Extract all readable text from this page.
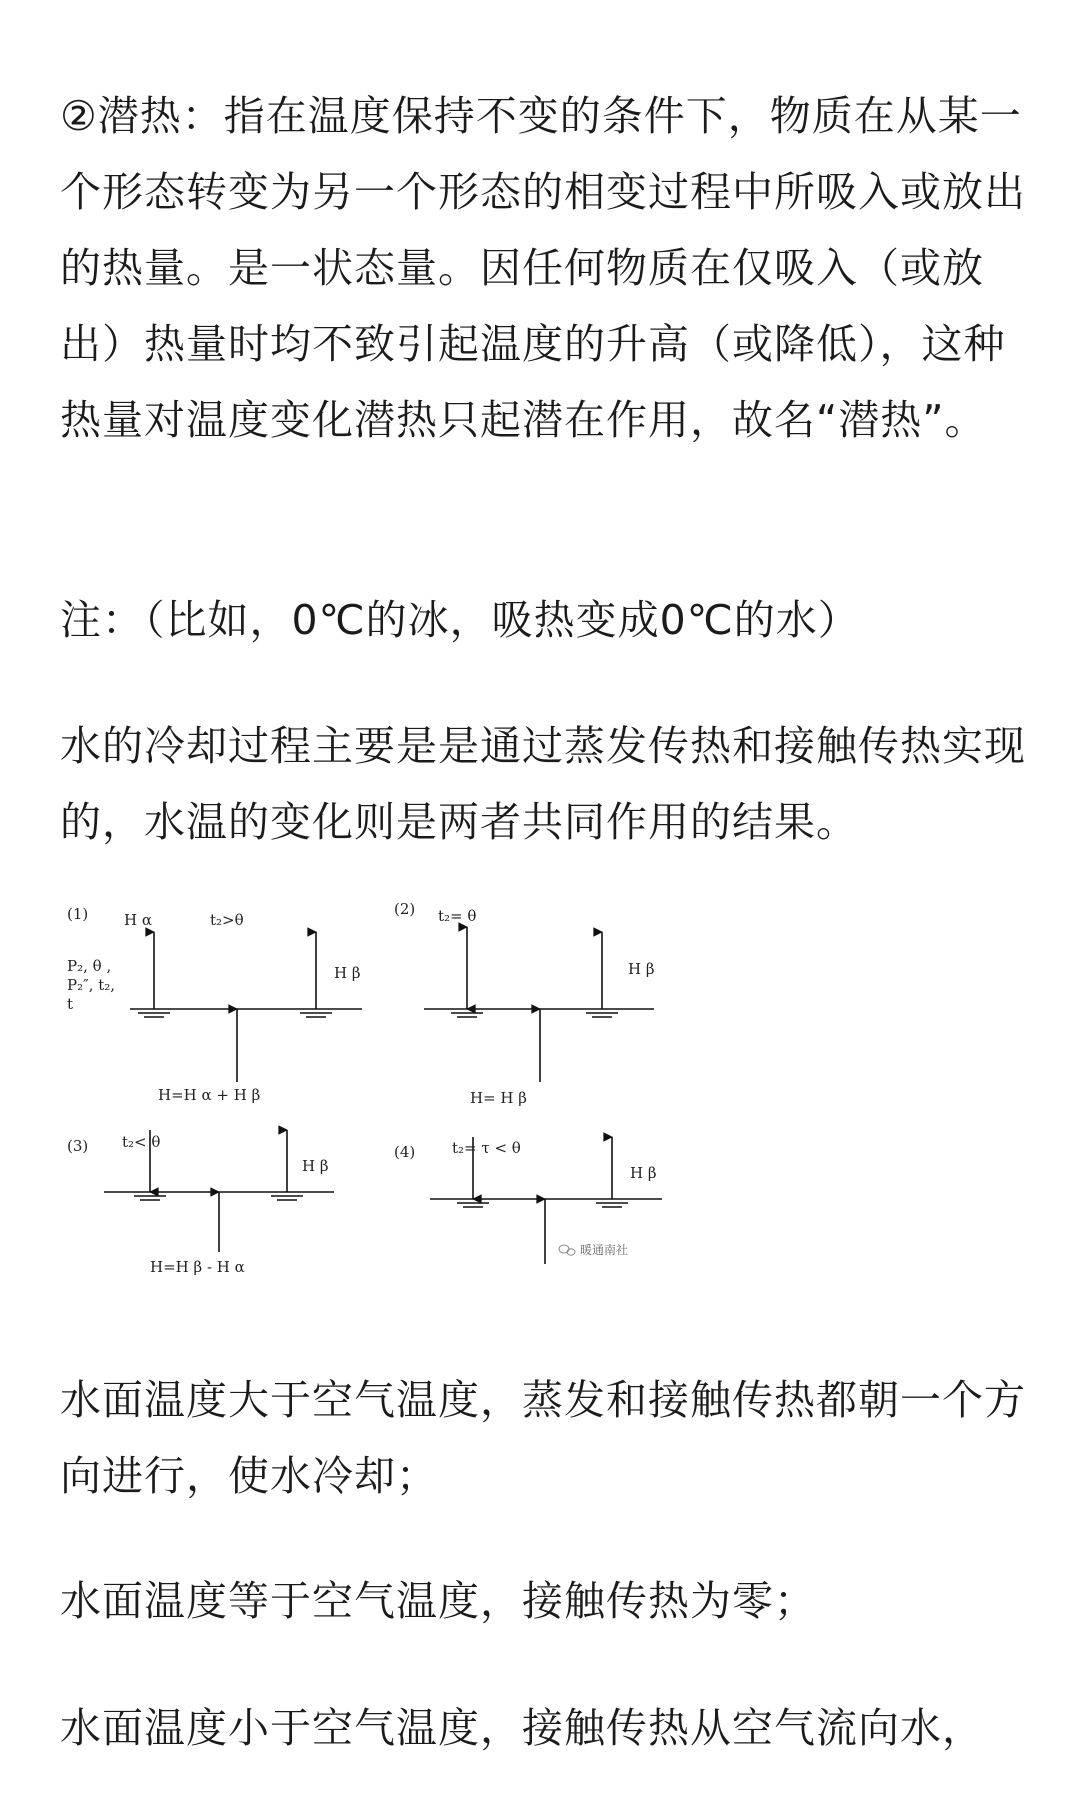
②潜热：指在温度保持不变的条件下，物质在从某一个形态转变为另一个形态的相变过程中所吸入或放出的热量。是一状态量。因任何物质在仅吸入（或放出）热量时均不致引起温度的升高（或降低），这种热量对温度变化潜热只起潜在作用，故名“潜热”。

注：（比如，0℃的冰，吸热变成0℃的水）

水的冷却过程主要是是通过蒸发传热和接触传热实现的，水温的变化则是两者共同作用的结果。

(1) H α	t₂>θ
H β
P₂, θ ,
P₂″, t₂,
t
H=H α + H β
(2) t₂= θ
H β
H= H β
(3) t₂< θ
H β
H=H β - H α
(4) t₂= τ < θ
H β
暖通南社

水面温度大于空气温度，蒸发和接触传热都朝一个方向进行，使水冷却；

水面温度等于空气温度，接触传热为零；

水面温度小于空气温度，接触传热从空气流向水，
